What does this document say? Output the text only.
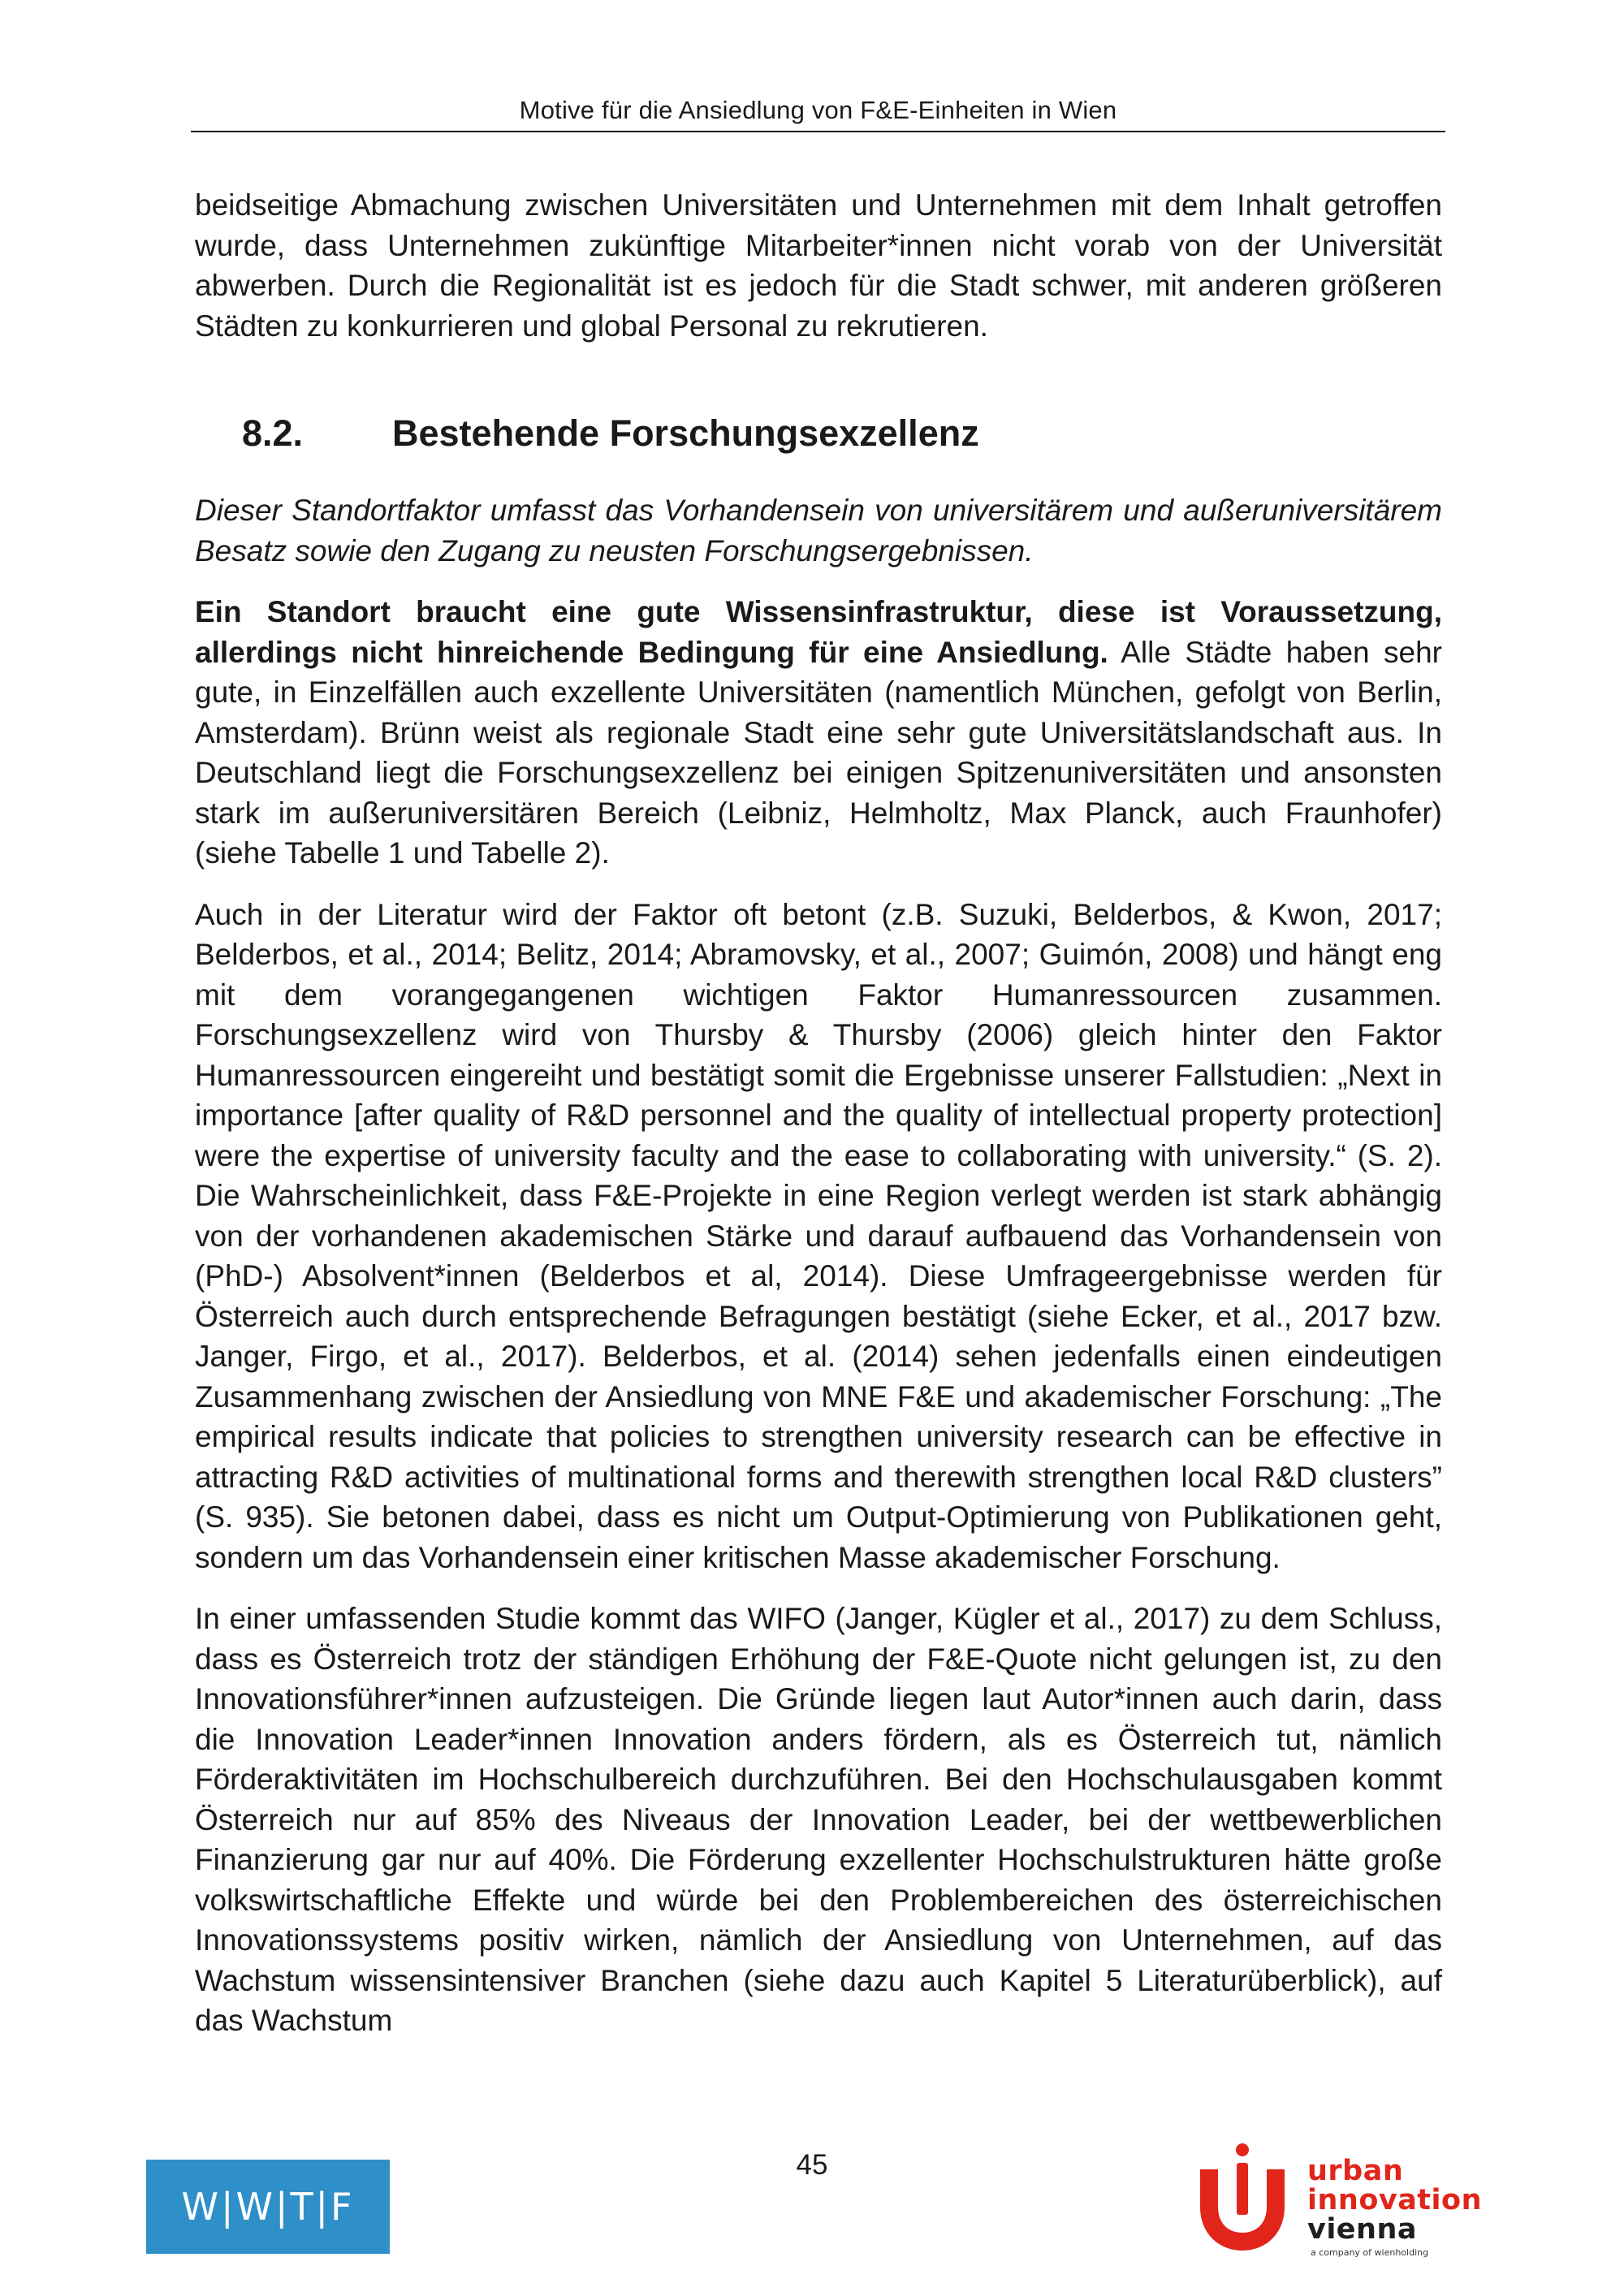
Motive für die Ansiedlung von F&E-Einheiten in Wien

beidseitige Abmachung zwischen Universitäten und Unternehmen mit dem Inhalt getroffen wurde, dass Unternehmen zukünftige Mitarbeiter*innen nicht vorab von der Universität abwerben. Durch die Regionalität ist es jedoch für die Stadt schwer, mit anderen größeren Städten zu konkurrieren und global Personal zu rekrutieren.

8.2.	Bestehende Forschungsexzellenz

Dieser Standortfaktor umfasst das Vorhandensein von universitärem und außeruniversitärem Besatz sowie den Zugang zu neusten Forschungsergebnissen.

Ein Standort braucht eine gute Wissensinfrastruktur, diese ist Voraussetzung, allerdings nicht hinreichende Bedingung für eine Ansiedlung. Alle Städte haben sehr gute, in Einzelfällen auch exzellente Universitäten (namentlich München, gefolgt von Berlin, Amsterdam). Brünn weist als regionale Stadt eine sehr gute Universitätslandschaft aus. In Deutschland liegt die Forschungsexzellenz bei einigen Spitzenuniversitäten und ansonsten stark im außeruniversitären Bereich (Leibniz, Helmholtz, Max Planck, auch Fraunhofer) (siehe Tabelle 1 und Tabelle 2).

Auch in der Literatur wird der Faktor oft betont (z.B. Suzuki, Belderbos, & Kwon, 2017; Belderbos, et al., 2014; Belitz, 2014; Abramovsky, et al., 2007; Guimón, 2008) und hängt eng mit dem vorangegangenen wichtigen Faktor Humanressourcen zusammen. Forschungsexzellenz wird von Thursby & Thursby (2006) gleich hinter den Faktor Humanressourcen eingereiht und bestätigt somit die Ergebnisse unserer Fallstudien: „Next in importance [after quality of R&D personnel and the quality of intellectual property protection] were the expertise of university faculty and the ease to collaborating with university.“ (S. 2). Die Wahrscheinlichkeit, dass F&E-Projekte in eine Region verlegt werden ist stark abhängig von der vorhandenen akademischen Stärke und darauf aufbauend das Vorhandensein von (PhD-) Absolvent*innen (Belderbos et al, 2014). Diese Umfrageergebnisse werden für Österreich auch durch entsprechende Befragungen bestätigt (siehe Ecker, et al., 2017 bzw. Janger, Firgo, et al., 2017). Belderbos, et al. (2014) sehen jedenfalls einen eindeutigen Zusammenhang zwischen der Ansiedlung von MNE F&E und akademischer Forschung: „The empirical results indicate that policies to strengthen university research can be effective in attracting R&D activities of multinational forms and therewith strengthen local R&D clusters” (S. 935). Sie betonen dabei, dass es nicht um Output-Optimierung von Publikationen geht, sondern um das Vorhandensein einer kritischen Masse akademischer Forschung.

In einer umfassenden Studie kommt das WIFO (Janger, Kügler et al., 2017) zu dem Schluss, dass es Österreich trotz der ständigen Erhöhung der F&E-Quote nicht gelungen ist, zu den Innovationsführer*innen aufzusteigen. Die Gründe liegen laut Autor*innen auch darin, dass die Innovation Leader*innen Innovation anders fördern, als es Österreich tut, nämlich Förderaktivitäten im Hochschulbereich durchzuführen. Bei den Hochschulausgaben kommt Österreich nur auf 85% des Niveaus der Innovation Leader, bei der wettbewerblichen Finanzierung gar nur auf 40%. Die Förderung exzellenter Hochschulstrukturen hätte große volkswirtschaftliche Effekte und würde bei den Problembereichen des österreichischen Innovationssystems positiv wirken, nämlich der Ansiedlung von Unternehmen, auf das Wachstum wissensintensiver Branchen (siehe dazu auch Kapitel 5 Literaturüberblick), auf das Wachstum

45
W|W|T|F
urban
innovation
vienna
a company of wienholding
